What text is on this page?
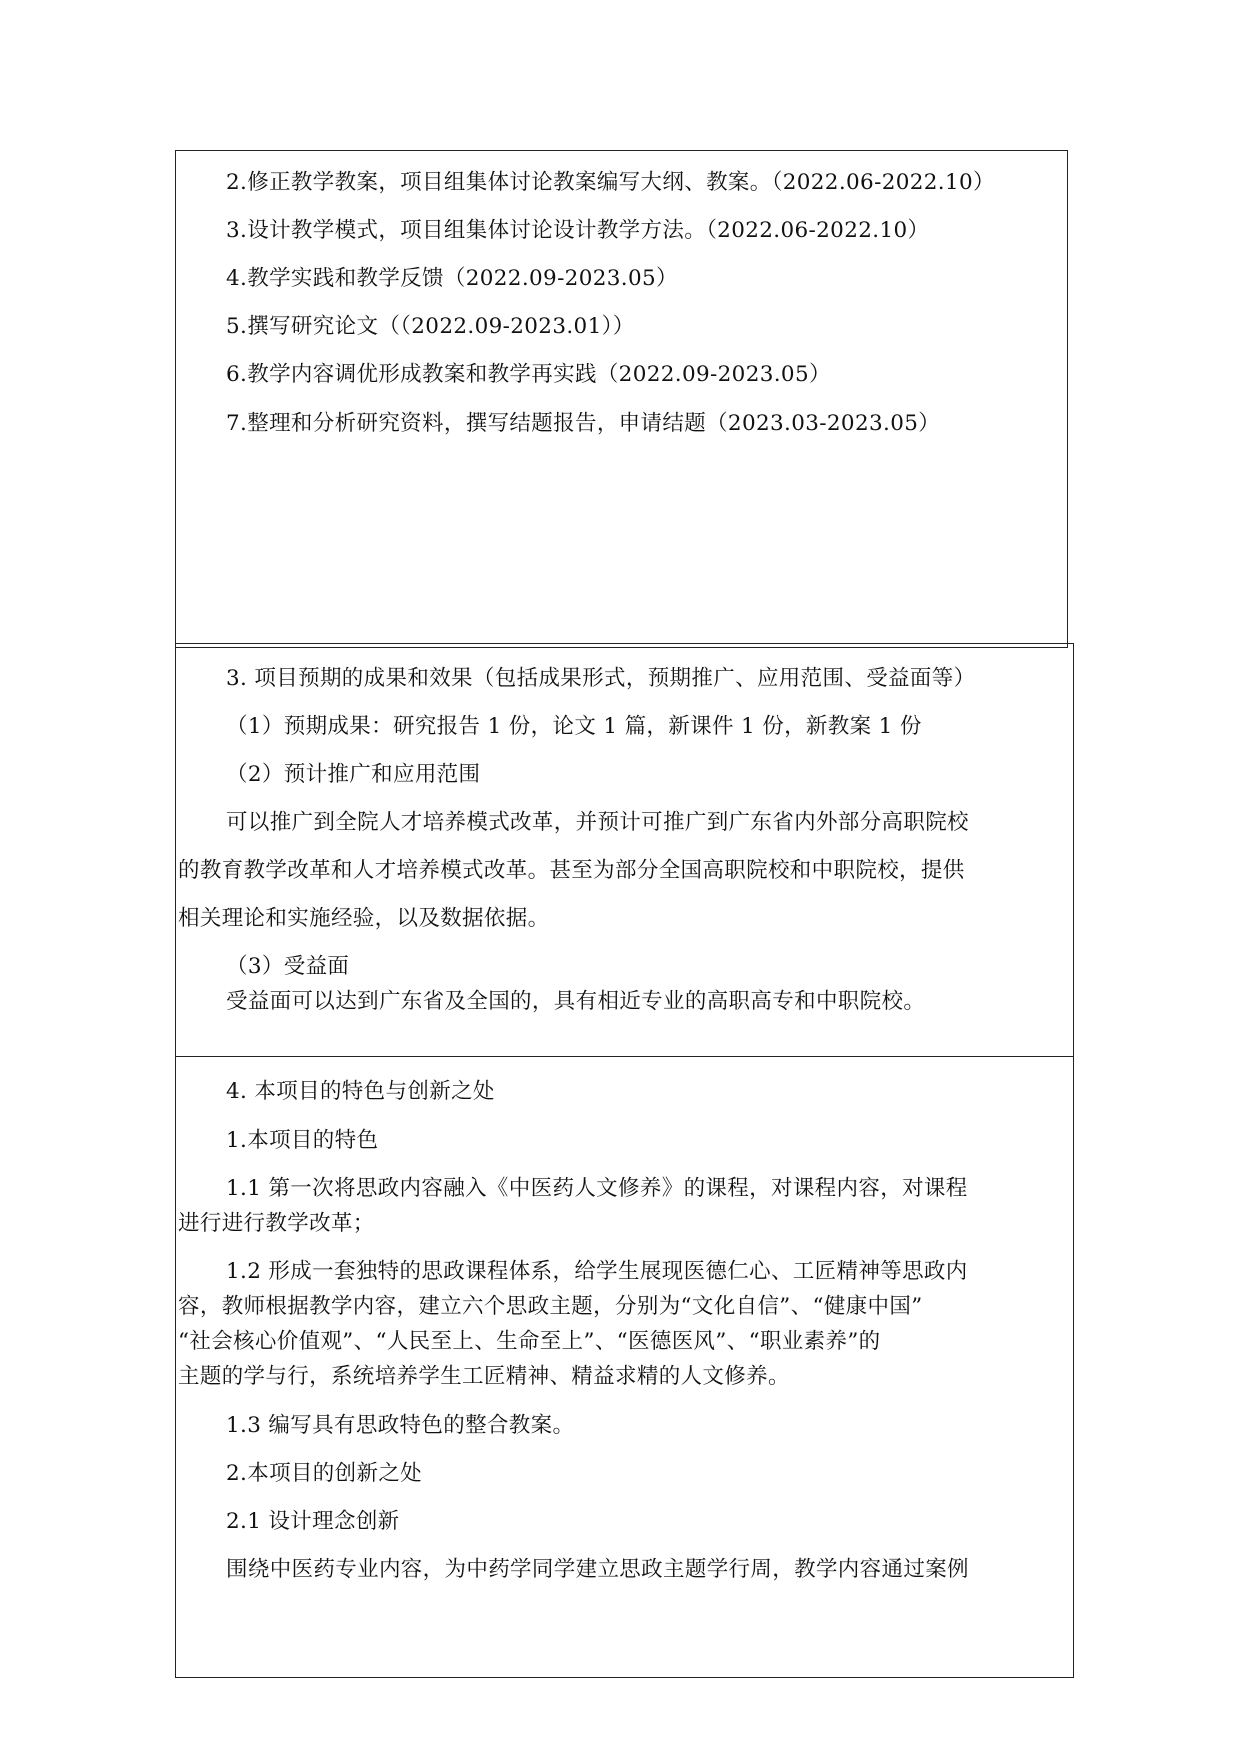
2.修正教学教案，项目组集体讨论教案编写大纲、教案。（2022.06-2022.10）
3.设计教学模式，项目组集体讨论设计教学方法。（2022.06-2022.10）
4.教学实践和教学反馈（2022.09-2023.05）
5.撰写研究论文（（2022.09-2023.01））
6.教学内容调优形成教案和教学再实践（2022.09-2023.05）
7.整理和分析研究资料，撰写结题报告，申请结题（2023.03-2023.05）
3. 项目预期的成果和效果（包括成果形式，预期推广、应用范围、受益面等）
（1）预期成果：研究报告 1 份，论文 1 篇，新课件 1 份，新教案 1 份
（2）预计推广和应用范围
可以推广到全院人才培养模式改革，并预计可推广到广东省内外部分高职院校
的教育教学改革和人才培养模式改革。甚至为部分全国高职院校和中职院校，提供
相关理论和实施经验，以及数据依据。
（3）受益面
受益面可以达到广东省及全国的，具有相近专业的高职高专和中职院校。
4. 本项目的特色与创新之处
1.本项目的特色
1.1 第一次将思政内容融入《中医药人文修养》的课程，对课程内容，对课程
进行进行教学改革；
1.2 形成一套独特的思政课程体系，给学生展现医德仁心、工匠精神等思政内
容，教师根据教学内容，建立六个思政主题，分别为“文化自信”、“健康中国”
“社会核心价值观”、“人民至上、生命至上”、“医德医风”、“职业素养”的
主题的学与行，系统培养学生工匠精神、精益求精的人文修养。
1.3 编写具有思政特色的整合教案。
2.本项目的创新之处
2.1 设计理念创新
围绕中医药专业内容，为中药学同学建立思政主题学行周，教学内容通过案例
